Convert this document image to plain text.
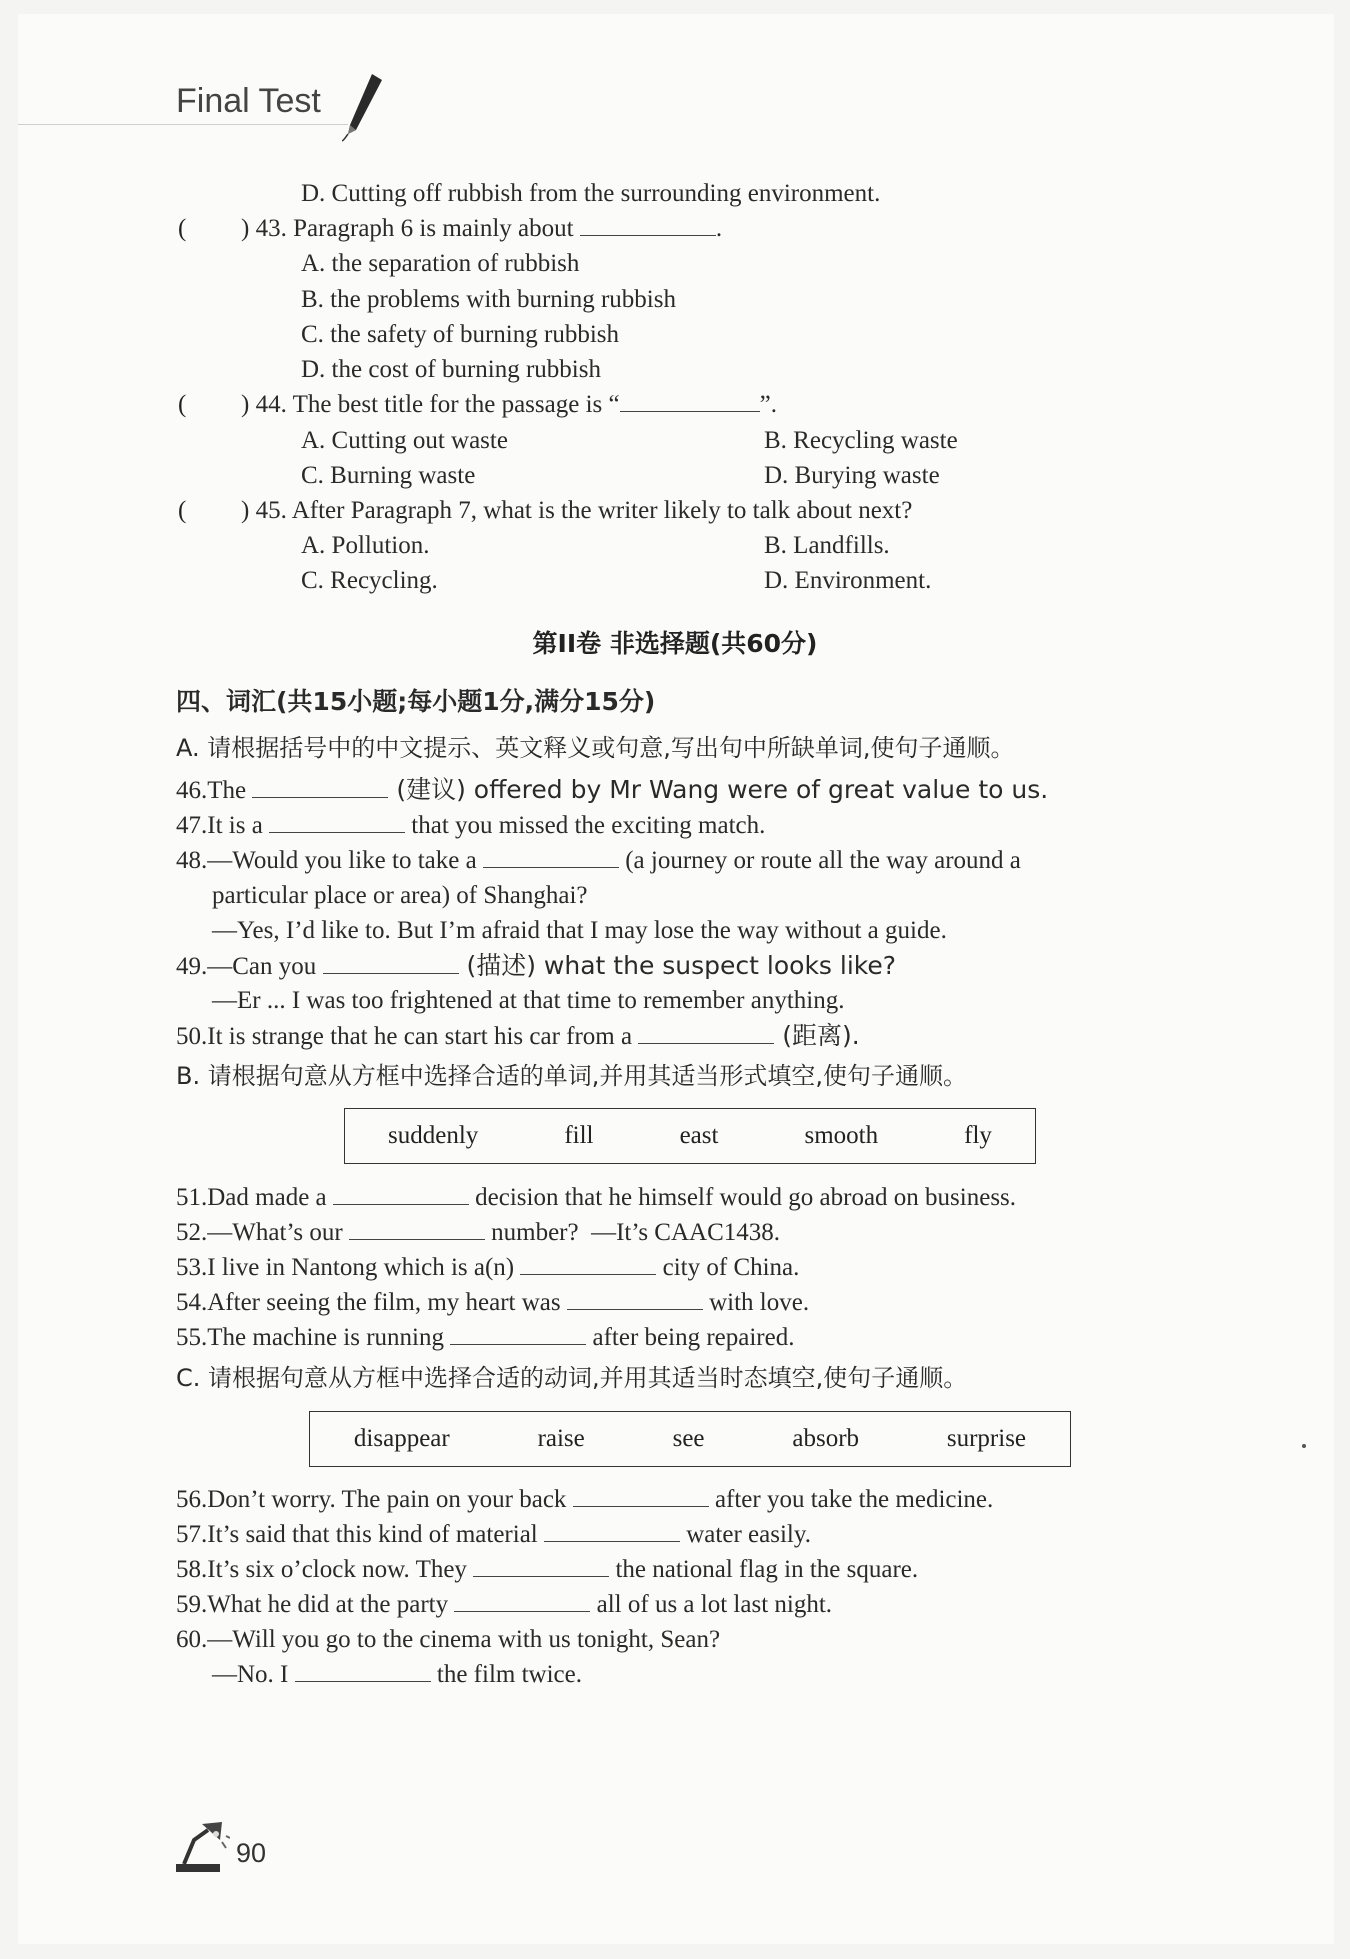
Final Test
D. Cutting off rubbish from the surrounding environment.
( ) 43. Paragraph 6 is mainly about	.
A. the separation of rubbish
B. the problems with burning rubbish
C. the safety of burning rubbish
D. the cost of burning rubbish
( ) 44. The best title for the passage is “	”.
A. Cutting out waste	B. Recycling waste
C. Burning waste	D. Burying waste
( ) 45. After Paragraph 7, what is the writer likely to talk about next?
A. Pollution.	B. Landfills.
C. Recycling.	D. Environment.
第II卷 非选择题(共60分)
四、词汇(共15小题;每小题1分,满分15分)
A. 请根据括号中的中文提示、英文释义或句意,写出句中所缺单词,使句子通顺。
46.The	(建议) offered by Mr Wang were of great value to us.
47.It is a	that you missed the exciting match.
48.—Would you like to take a	(a journey or route all the way around a
particular place or area) of Shanghai?
—Yes, I’d like to. But I’m afraid that I may lose the way without a guide.
49.—Can you	(描述) what the suspect looks like?
—Er ... I was too frightened at that time to remember anything.
50.It is strange that he can start his car from a	(距离).
B. 请根据句意从方框中选择合适的单词,并用其适当形式填空,使句子通顺。
suddenly	fill	east	smooth	fly
51.Dad made a	decision that he himself would go abroad on business.
52.—What’s our	number?  —It’s CAAC1438.
53.I live in Nantong which is a(n)	city of China.
54.After seeing the film, my heart was	with love.
55.The machine is running	after being repaired.
C. 请根据句意从方框中选择合适的动词,并用其适当时态填空,使句子通顺。
disappear	raise	see	absorb	surprise
56.Don’t worry. The pain on your back	after you take the medicine.
57.It’s said that this kind of material	water easily.
58.It’s six o’clock now. They	the national flag in the square.
59.What he did at the party	all of us a lot last night.
60.—Will you go to the cinema with us tonight, Sean?
—No. I	the film twice.
90
